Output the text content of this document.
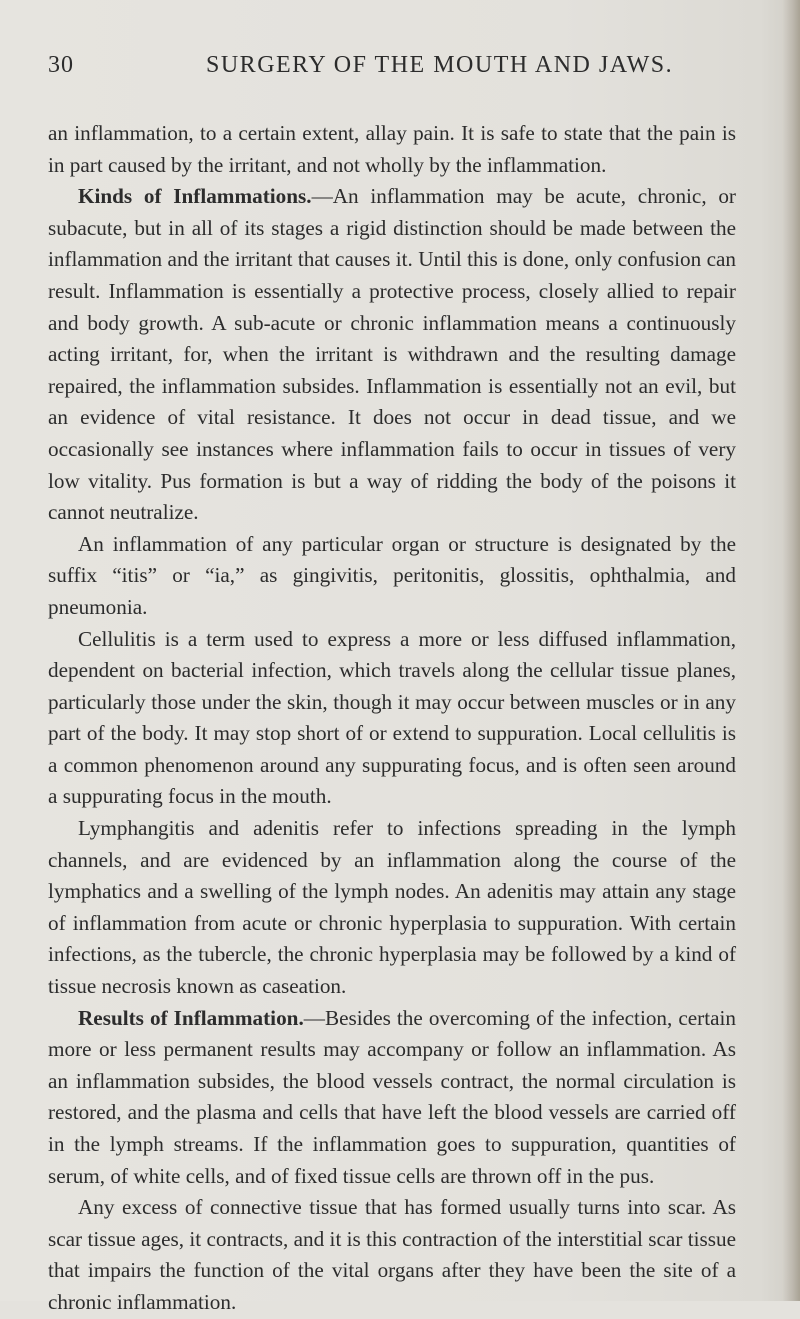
30	SURGERY OF THE MOUTH AND JAWS.

an inflammation, to a certain extent, allay pain. It is safe to state that the pain is in part caused by the irritant, and not wholly by the inflammation.

Kinds of Inflammations.—An inflammation may be acute, chronic, or subacute, but in all of its stages a rigid distinction should be made between the inflammation and the irritant that causes it. Until this is done, only confusion can result. Inflammation is essentially a protective process, closely allied to repair and body growth. A sub-acute or chronic inflammation means a continuously acting irritant, for, when the irritant is withdrawn and the resulting damage repaired, the inflammation subsides. Inflammation is essentially not an evil, but an evidence of vital resistance. It does not occur in dead tissue, and we occasionally see instances where inflammation fails to occur in tissues of very low vitality. Pus formation is but a way of ridding the body of the poisons it cannot neutralize.

An inflammation of any particular organ or structure is designated by the suffix “itis” or “ia,” as gingivitis, peritonitis, glossitis, ophthalmia, and pneumonia.

Cellulitis is a term used to express a more or less diffused inflammation, dependent on bacterial infection, which travels along the cellular tissue planes, particularly those under the skin, though it may occur between muscles or in any part of the body. It may stop short of or extend to suppuration. Local cellulitis is a common phenomenon around any suppurating focus, and is often seen around a suppurating focus in the mouth.

Lymphangitis and adenitis refer to infections spreading in the lymph channels, and are evidenced by an inflammation along the course of the lymphatics and a swelling of the lymph nodes. An adenitis may attain any stage of inflammation from acute or chronic hyperplasia to suppuration. With certain infections, as the tubercle, the chronic hyperplasia may be followed by a kind of tissue necrosis known as caseation.

Results of Inflammation.—Besides the overcoming of the infection, certain more or less permanent results may accompany or follow an inflammation. As an inflammation subsides, the blood vessels contract, the normal circulation is restored, and the plasma and cells that have left the blood vessels are carried off in the lymph streams. If the inflammation goes to suppuration, quantities of serum, of white cells, and of fixed tissue cells are thrown off in the pus.

Any excess of connective tissue that has formed usually turns into scar. As scar tissue ages, it contracts, and it is this contraction of the interstitial scar tissue that impairs the function of the vital organs after they have been the site of a chronic inflammation.
